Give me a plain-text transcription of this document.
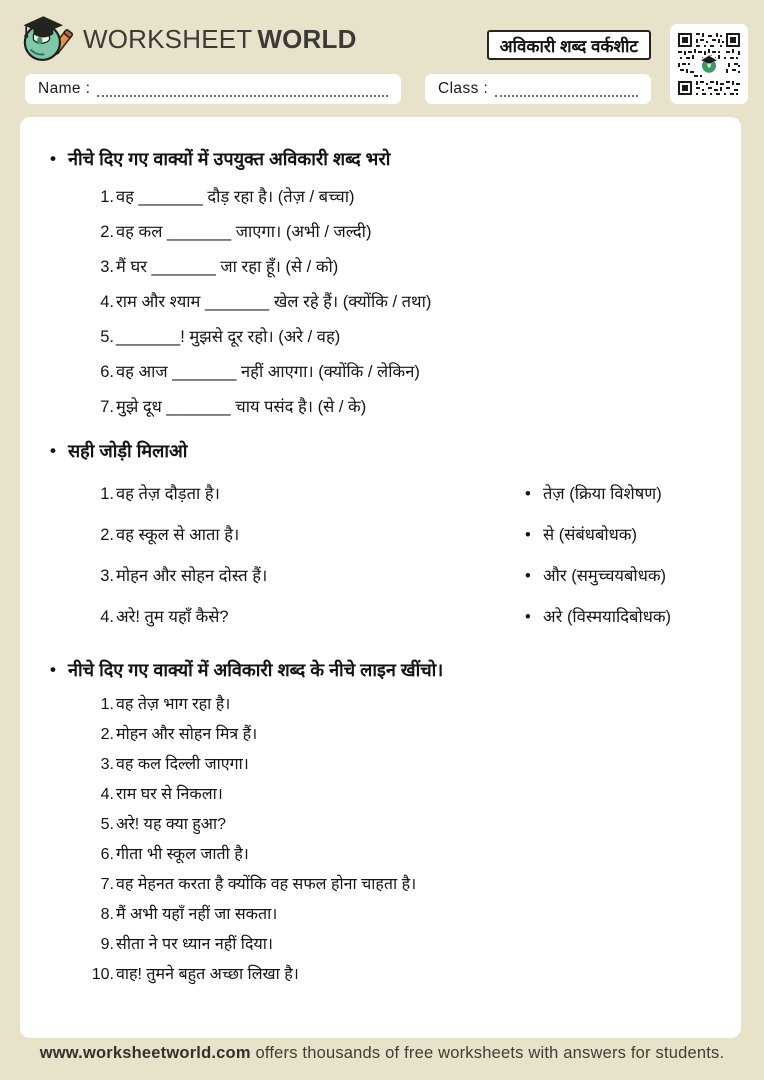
WORKSHEET WORLD	अविकारी शब्द वर्कशीट
Name :	Class :
• नीचे दिए गए वाक्यों में उपयुक्त अविकारी शब्द भरो
1. वह _______ दौड़ रहा है। (तेज़ / बच्चा)
2. वह कल _______ जाएगा। (अभी / जल्दी)
3. मैं घर _______ जा रहा हूँ। (से / को)
4. राम और श्याम _______ खेल रहे हैं। (क्योंकि / तथा)
5. _______! मुझसे दूर रहो। (अरे / वह)
6. वह आज _______ नहीं आएगा। (क्योंकि / लेकिन)
7. मुझे दूध _______ चाय पसंद है। (से / के)
• सही जोड़ी मिलाओ
1. वह तेज़ दौड़ता है।	• तेज़ (क्रिया विशेषण)
2. वह स्कूल से आता है।	• से (संबंधबोधक)
3. मोहन और सोहन दोस्त हैं।	• और (समुच्चयबोधक)
4. अरे! तुम यहाँ कैसे?	• अरे (विस्मयादिबोधक)
• नीचे दिए गए वाक्यों में अविकारी शब्द के नीचे लाइन खींचो।
1. वह तेज़ भाग रहा है।
2. मोहन और सोहन मित्र हैं।
3. वह कल दिल्ली जाएगा।
4. राम घर से निकला।
5. अरे! यह क्या हुआ?
6. गीता भी स्कूल जाती है।
7. वह मेहनत करता है क्योंकि वह सफल होना चाहता है।
8. मैं अभी यहाँ नहीं जा सकता।
9. सीता ने पर ध्यान नहीं दिया।
10. वाह! तुमने बहुत अच्छा लिखा है।
www.worksheetworld.com offers thousands of free worksheets with answers for students.
